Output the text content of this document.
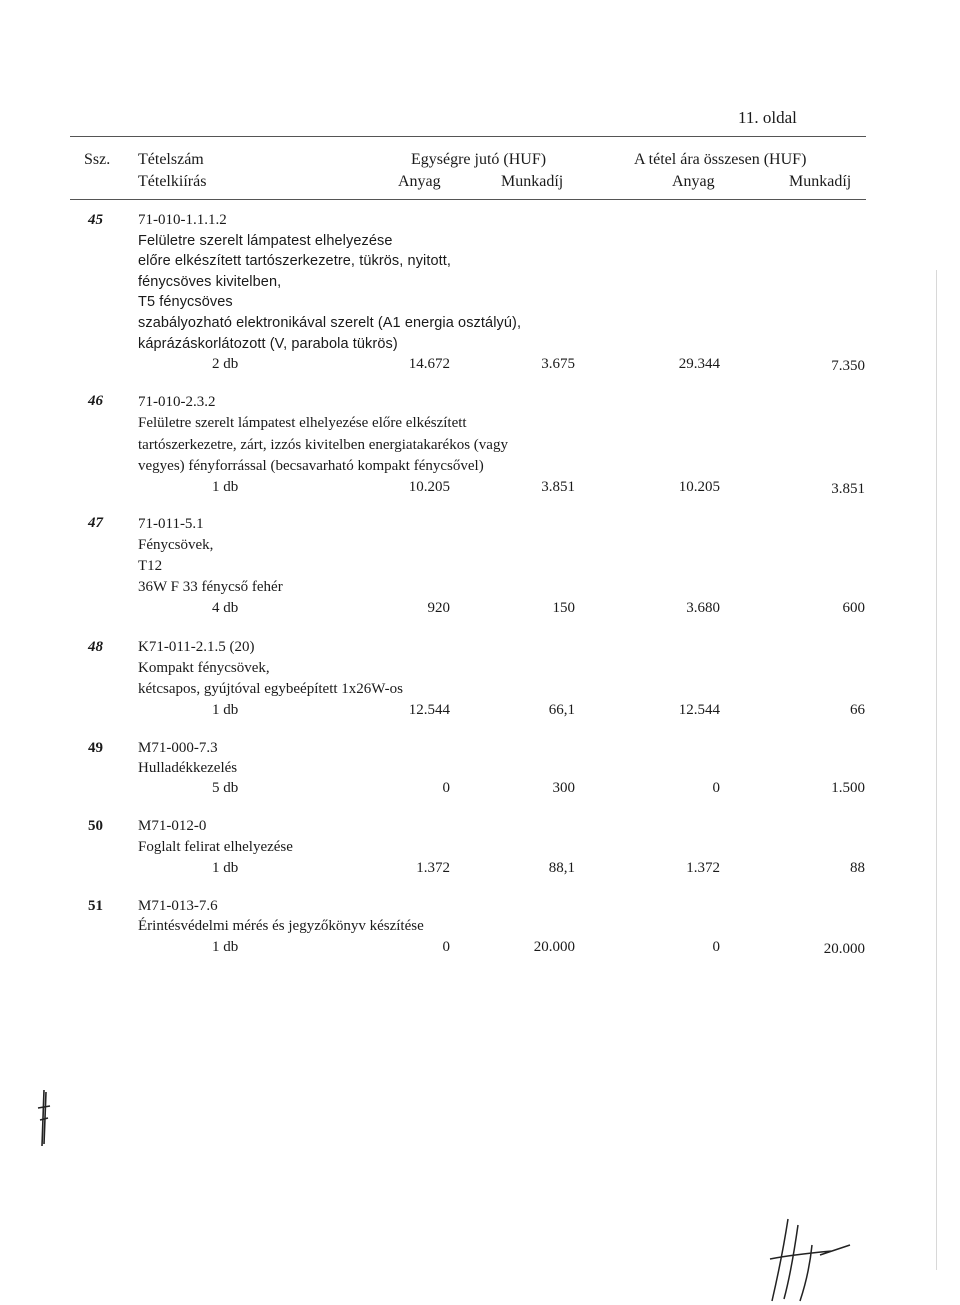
11. oldal
Ssz. Tételszám
Tételkiírás
Egységre jutó (HUF)
Anyag	Munkadíj
A tétel ára összesen (HUF)
Anyag	Munkadíj
45 71-010-1.1.1.2
Felületre szerelt lámpatest elhelyezése
előre elkészített tartószerkezetre, tükrös, nyitott,
fénycsöves kivitelben,
T5 fénycsöves
szabályozható elektronikával szerelt (A1 energia osztályú),
káprázáskorlátozott (V, parabola tükrös)
2 db	14.672	3.675	29.344	7.350
46 71-010-2.3.2
Felületre szerelt lámpatest elhelyezése előre elkészített
tartószerkezetre, zárt, izzós kivitelben energiatakarékos (vagy
vegyes) fényforrással (becsavarható kompakt fénycsővel)
1 db	10.205	3.851	10.205	3.851
47 71-011-5.1
Fénycsövek,
T12
36W F 33 fénycső fehér
4 db	920	150	3.680	600
48 K71-011-2.1.5 (20)
Kompakt fénycsövek,
kétcsapos, gyújtóval egybeépített 1x26W-os
1 db	12.544	66,1	12.544	66
49 M71-000-7.3
Hulladékkezelés
5 db	0	300	0	1.500
50 M71-012-0
Foglalt felirat elhelyezése
1 db	1.372	88,1	1.372	88
51 M71-013-7.6
Érintésvédelmi mérés és jegyzőkönyv készítése
1 db	0	20.000	0	20.000
